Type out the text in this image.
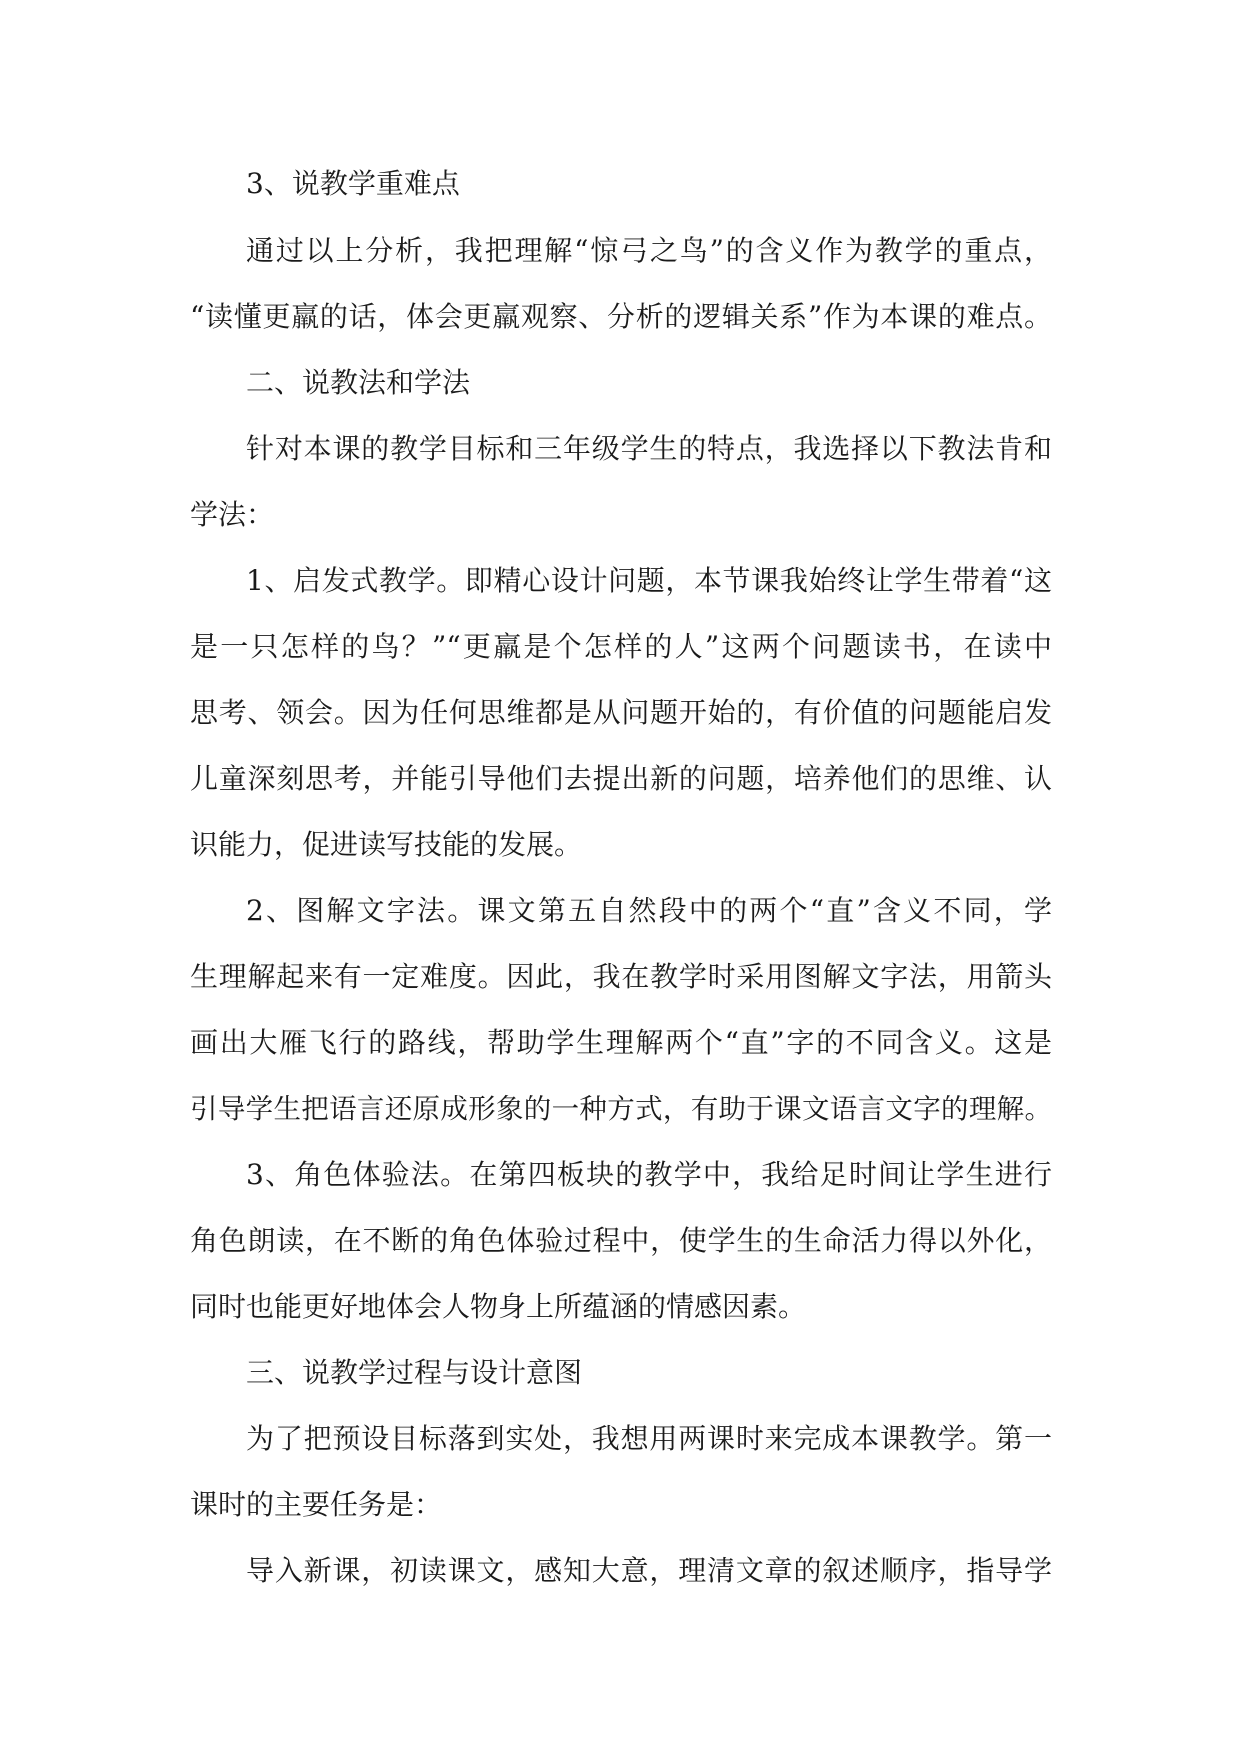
3、说教学重难点
通过以上分析，我把理解“惊弓之鸟”的含义作为教学的重点，
“读懂更羸的话，体会更羸观察、分析的逻辑关系”作为本课的难点。
二、说教法和学法
针对本课的教学目标和三年级学生的特点，我选择以下教法肯和
学法：
1、启发式教学。即精心设计问题，本节课我始终让学生带着“这
是一只怎样的鸟？”“更羸是个怎样的人”这两个问题读书，在读中
思考、领会。因为任何思维都是从问题开始的，有价值的问题能启发
儿童深刻思考，并能引导他们去提出新的问题，培养他们的思维、认
识能力，促进读写技能的发展。
2、图解文字法。课文第五自然段中的两个“直”含义不同，学
生理解起来有一定难度。因此，我在教学时采用图解文字法，用箭头
画出大雁飞行的路线，帮助学生理解两个“直”字的不同含义。这是
引导学生把语言还原成形象的一种方式，有助于课文语言文字的理解。
3、角色体验法。在第四板块的教学中，我给足时间让学生进行
角色朗读，在不断的角色体验过程中，使学生的生命活力得以外化，
同时也能更好地体会人物身上所蕴涵的情感因素。
三、说教学过程与设计意图
为了把预设目标落到实处，我想用两课时来完成本课教学。第一
课时的主要任务是：
导入新课，初读课文，感知大意，理清文章的叙述顺序，指导学
